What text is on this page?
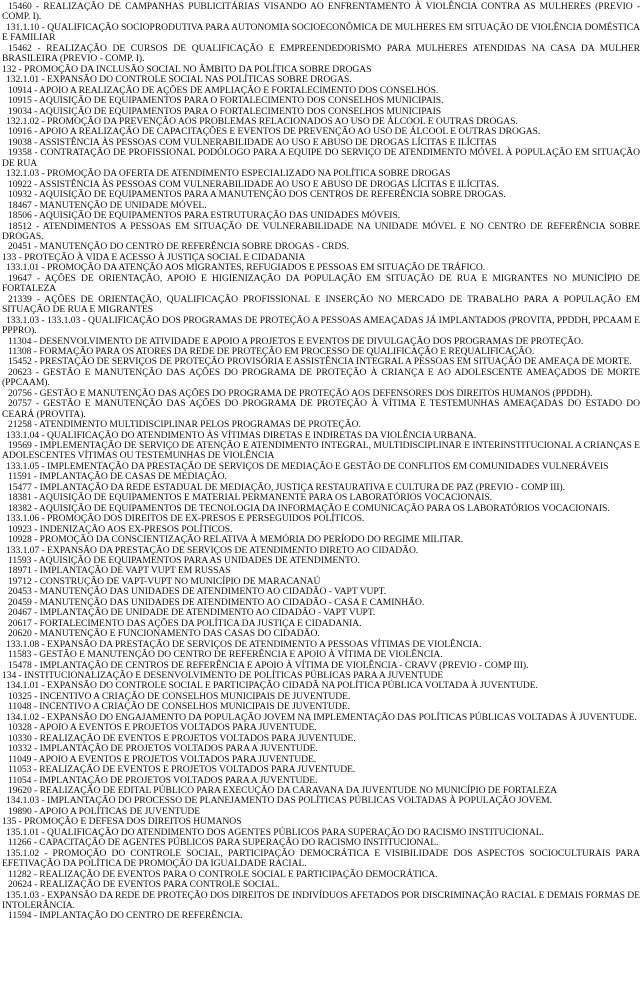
15460 - REALIZAÇÃO DE CAMPANHAS PUBLICITÁRIAS VISANDO AO ENFRENTAMENTO À VIOLÊNCIA CONTRA AS MULHERES (PREVIO - COMP. I).

131.1.10 - QUALIFICAÇÃO SOCIOPRODUTIVA PARA AUTONOMIA SOCIOECONÔMICA DE MULHERES EM SITUAÇÃO DE VIOLÊNCIA DOMÉSTICA E FAMILIAR

15462 - REALIZAÇÃO DE CURSOS DE QUALIFICAÇÃO E EMPREENDEDORISMO PARA MULHERES ATENDIDAS NA CASA DA MULHER BRASILEIRA (PREVIO - COMP. I).

132 - PROMOÇÃO DA INCLUSÃO SOCIAL NO ÂMBITO DA POLÍTICA SOBRE DROGAS

132.1.01 - EXPANSÃO DO CONTROLE SOCIAL NAS POLÍTICAS SOBRE DROGAS.

10914 - APOIO A REALIZAÇÃO DE AÇÕES DE AMPLIAÇÃO E FORTALECIMENTO DOS CONSELHOS.

10915 - AQUISIÇÃO DE EQUIPAMENTOS PARA O FORTALECIMENTO DOS CONSELHOS MUNICIPAIS.

19034 - AQUISIÇÃO DE EQUIPAMENTOS PARA O FORTALECIMENTO DOS CONSELHOS MUNICIPAIS

132.1.02 - PROMOÇÃO DA PREVENÇÃO AOS PROBLEMAS RELACIONADOS AO USO DE ÁLCOOL E OUTRAS DROGAS.

10916 - APOIO A REALIZAÇÃO DE CAPACITAÇÕES E EVENTOS DE PREVENÇÃO AO USO DE ÁLCOOL E OUTRAS DROGAS.

19038 - ASSISTÊNCIA ÀS PESSOAS COM VULNERABILIDADE AO USO E ABUSO DE DROGAS LÍCITAS E ILÍCITAS

19358 - CONTRATAÇÃO DE PROFISSIONAL PODÓLOGO PARA A EQUIPE DO SERVIÇO DE ATENDIMENTO MÓVEL À POPULAÇÃO EM SITUAÇÃO DE RUA

132.1.03 - PROMOÇÃO DA OFERTA DE ATENDIMENTO ESPECIALIZADO NA POLÍTICA SOBRE DROGAS

10922 - ASSISTÊNCIA ÀS PESSOAS COM VULNERABILIDADE AO USO E ABUSO DE DROGAS LÍCITAS E ILÍCITAS.

10932 - AQUISIÇÃO DE EQUIPAMENTOS PARA A MANUTENÇÃO DOS CENTROS DE REFERÊNCIA SOBRE DROGAS.

18467 - MANUTENÇÃO DE UNIDADE MÓVEL.

18506 - AQUISIÇÃO DE EQUIPAMENTOS PARA ESTRUTURAÇÃO DAS UNIDADES MÓVEIS.

18512 - ATENDIMENTOS A PESSOAS EM SITUAÇÃO DE VULNERABILIDADE NA UNIDADE MÓVEL E NO CENTRO DE REFERÊNCIA SOBRE DROGAS.

20451 - MANUTENÇÃO DO CENTRO DE REFERÊNCIA SOBRE DROGAS - CRDS.

133 - PROTEÇÃO À VIDA E ACESSO À JUSTIÇA SOCIAL E CIDADANIA

133.1.01 - PROMOÇÃO DA ATENÇÃO AOS MIGRANTES, REFUGIADOS E PESSOAS EM SITUAÇÃO DE TRÁFICO.

19647 - AÇÕES DE ORIENTAÇÃO, APOIO E HIGIENIZAÇÃO DA POPULAÇÃO EM SITUAÇÃO DE RUA E MIGRANTES NO MUNICÍPIO DE FORTALEZA

21339 - AÇÕES DE ORIENTAÇÃO, QUALIFICAÇÃO PROFISSIONAL E INSERÇÃO NO MERCADO DE TRABALHO PARA A POPULAÇÃO EM SITUAÇÃO DE RUA E MIGRANTES

133.1.03 - 133.1.03 - QUALIFICAÇÃO DOS PROGRAMAS DE PROTEÇÃO A PESSOAS AMEAÇADAS JÁ IMPLANTADOS (PROVITA, PPDDH, PPCAAM E PPPRO).

11304 - DESENVOLVIMENTO DE ATIVIDADE E APOIO A PROJETOS E EVENTOS DE DIVULGAÇÃO DOS PROGRAMAS DE PROTEÇÃO.

11308 - FORMAÇÃO PARA OS ATORES DA REDE DE PROTEÇÃO EM PROCESSO DE QUALIFICAÇÃO E REQUALIFICAÇÃO.

15452 - PRESTAÇÃO DE SERVIÇOS DE PROTEÇÃO PROVISÓRIA E ASSISTÊNCIA INTEGRAL A PESSOAS EM SITUAÇÃO DE AMEAÇA DE MORTE.

20623 - GESTÃO E MANUTENÇÃO DAS AÇÕES DO PROGRAMA DE PROTEÇÃO À CRIANÇA E AO ADOLESCENTE AMEAÇADOS DE MORTE (PPCAAM).

20756 - GESTÃO E MANUTENÇÃO DAS AÇÕES DO PROGRAMA DE PROTEÇÃO AOS DEFENSORES DOS DIREITOS HUMANOS (PPDDH).

20757 - GESTÃO E MANUTENÇÃO DAS AÇÕES DO PROGRAMA DE PROTEÇÃO À VÍTIMA E TESTEMUNHAS AMEAÇADAS DO ESTADO DO CEARÁ (PROVITA).

21258 - ATENDIMENTO MULTIDISCIPLINAR PELOS PROGRAMAS DE PROTEÇÃO.

133.1.04 - QUALIFICAÇÃO DO ATENDIMENTO ÀS VÍTIMAS DIRETAS E INDIRETAS DA VIOLÊNCIA URBANA.

19569 - IMPLEMENTAÇÃO DE SERVIÇO DE ATENÇÃO E ATENDIMENTO INTEGRAL, MULTIDISCIPLINAR E INTERINSTITUCIONAL A CRIANÇAS E ADOLESCENTES VÍTIMAS OU TESTEMUNHAS DE VIOLÊNCIA

133.1.05 - IMPLEMENTAÇÃO DA PRESTAÇÃO DE SERVIÇOS DE MEDIAÇÃO E GESTÃO DE CONFLITOS EM COMUNIDADES VULNERÁVEIS

11591 - IMPLANTAÇÃO DE CASAS DE MEDIAÇÃO.

15477 - IMPLANTAÇÃO DA REDE ESTADUAL DE MEDIAÇÃO, JUSTIÇA RESTAURATIVA E CULTURA DE PAZ (PREVIO - COMP III).

18381 - AQUISIÇÃO DE EQUIPAMENTOS E MATERIAL PERMANENTE PARA OS LABORATÓRIOS VOCACIONAIS.

18382 - AQUISIÇÃO DE EQUIPAMENTOS DE TECNOLOGIA DA INFORMAÇÃO E COMUNICAÇÃO PARA OS LABORATÓRIOS VOCACIONAIS.

133.1.06 - PROMOÇÃO DOS DIREITOS DE EX-PRESOS E PERSEGUIDOS POLÍTICOS.

10923 - INDENIZAÇÃO AOS EX-PRESOS POLÍTICOS.

10928 - PROMOÇÃO DA CONSCIENTIZAÇÃO RELATIVA À MEMÓRIA DO PERÍODO DO REGIME MILITAR.

133.1.07 - EXPANSÃO DA PRESTAÇÃO DE SERVIÇOS DE ATENDIMENTO DIRETO AO CIDADÃO.

11593 - AQUISIÇÃO DE EQUIPAMENTOS PARA AS UNIDADES DE ATENDIMENTO.

18971 - IMPLANTAÇÃO DE VAPT VUPT EM RUSSAS

19712 - CONSTRUÇÃO DE VAPT-VUPT NO MUNICÍPIO DE MARACANAÚ

20453 - MANUTENÇÃO DAS UNIDADES DE ATENDIMENTO AO CIDADÃO - VAPT VUPT.

20459 - MANUTENÇÃO DAS UNIDADES DE ATENDIMENTO AO CIDADÃO - CASA E CAMINHÃO.

20467 - IMPLANTAÇÃO DE UNIDADE DE ATENDIMENTO AO CIDADÃO - VAPT VUPT.

20617 - FORTALECIMENTO DAS AÇÕES DA POLÍTICA DA JUSTIÇA E CIDADANIA.

20620 - MANUTENÇÃO E FUNCIONAMENTO DAS CASAS DO CIDADÃO.

133.1.08 - EXPANSÃO DA PRESTAÇÃO DE SERVIÇOS DE ATENDIMENTO A PESSOAS VÍTIMAS DE VIOLÊNCIA.

11583 - GESTÃO E MANUTENÇÃO DO CENTRO DE REFERÊNCIA E APOIO À VÍTIMA DE VIOLÊNCIA.

15478 - IMPLANTAÇÃO DE CENTROS DE REFERÊNCIA E APOIO À VÍTIMA DE VIOLÊNCIA - CRAVV (PREVIO - COMP III).

134 - INSTITUCIONALIZAÇÃO E DESENVOLVIMENTO DE POLÍTICAS PÚBLICAS PARA A JUVENTUDE

134.1.01 - EXPANSÃO DO CONTROLE SOCIAL E PARTICIPAÇÃO CIDADÃ NA POLÍTICA PÚBLICA VOLTADA À JUVENTUDE.

10325 - INCENTIVO A CRIAÇÃO DE CONSELHOS MUNICIPAIS DE JUVENTUDE.

11048 - INCENTIVO A CRIAÇÃO DE CONSELHOS MUNICIPAIS DE JUVENTUDE.

134.1.02 - EXPANSÃO DO ENGAJAMENTO DA POPULAÇÃO JOVEM NA IMPLEMENTAÇÃO DAS POLÍTICAS PÚBLICAS VOLTADAS À JUVENTUDE.

10328 - APOIO A EVENTOS E PROJETOS VOLTADOS PARA JUVENTUDE.

10330 - REALIZAÇÃO DE EVENTOS E PROJETOS VOLTADOS PARA JUVENTUDE.

10332 - IMPLANTAÇÃO DE PROJETOS VOLTADOS PARA A JUVENTUDE.

11049 - APOIO A EVENTOS E PROJETOS VOLTADOS PARA JUVENTUDE.

11053 - REALIZAÇÃO DE EVENTOS E PROJETOS VOLTADOS PARA JUVENTUDE.

11054 - IMPLANTAÇÃO DE PROJETOS VOLTADOS PARA A JUVENTUDE.

19620 - REALIZAÇÃO DE EDITAL PÚBLICO PARA EXECUÇÃO DA CARAVANA DA JUVENTUDE NO MUNICÍPIO DE FORTALEZA

134.1.03 - IMPLANTAÇÃO DO PROCESSO DE PLANEJAMENTO DAS POLÍTICAS PÚBLICAS VOLTADAS À POPULAÇÃO JOVEM.

19890 - APOIO A POLÍTICAS DE JUVENTUDE

135 - PROMOÇÃO E DEFESA DOS DIREITOS HUMANOS

135.1.01 - QUALIFICAÇÃO DO ATENDIMENTO DOS AGENTES PÚBLICOS PARA SUPERAÇÃO DO RACISMO INSTITUCIONAL.

11266 - CAPACITAÇÃO DE AGENTES PÚBLICOS PARA SUPERAÇÃO DO RACISMO INSTITUCIONAL.

135.1.02 - PROMOÇÃO DO CONTROLE SOCIAL, PARTICIPAÇÃO DEMOCRÁTICA E VISIBILIDADE DOS ASPECTOS SOCIOCULTURAIS PARA EFETIVAÇÃO DA POLÍTICA DE PROMOÇÃO DA IGUALDADE RACIAL.

11282 - REALIZAÇÃO DE EVENTOS PARA O CONTROLE SOCIAL E PARTICIPAÇÃO DEMOCRÁTICA.

20624 - REALIZAÇÃO DE EVENTOS PARA CONTROLE SOCIAL.

135.1.03 - EXPANSÃO DA REDE DE PROTEÇÃO DOS DIREITOS DE INDIVÍDUOS AFETADOS POR DISCRIMINAÇÃO RACIAL E DEMAIS FORMAS DE INTOLERÂNCIA.

11594 - IMPLANTAÇÃO DO CENTRO DE REFERÊNCIA.
